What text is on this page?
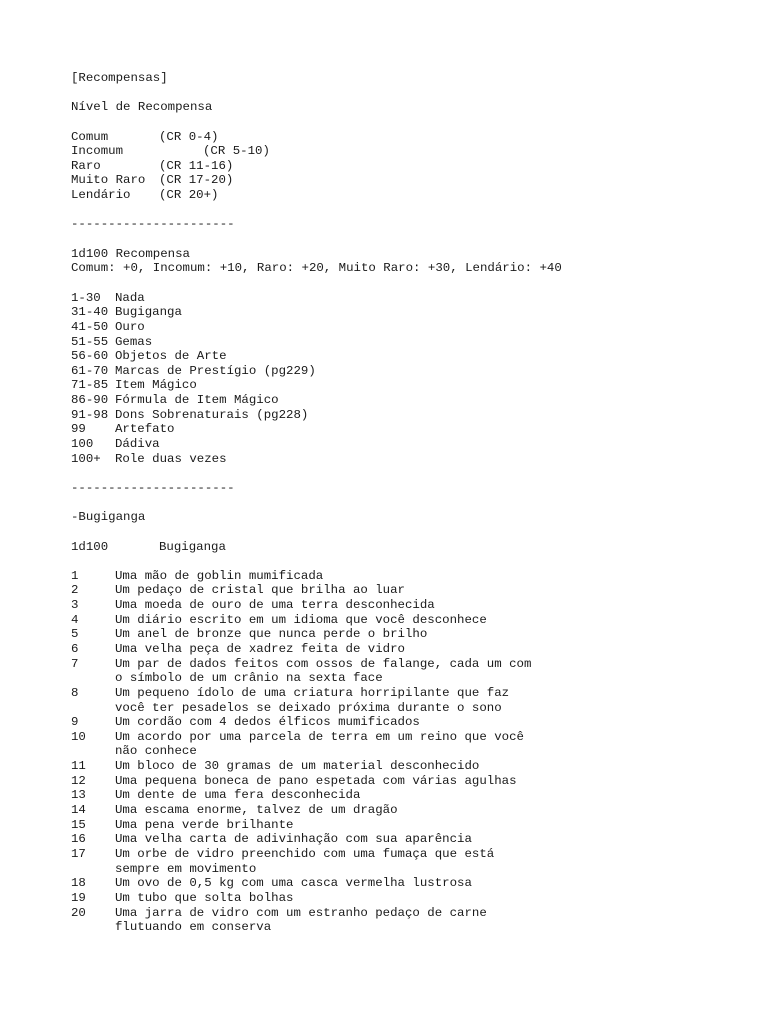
[Recompensas]
Nível de Recompensa
Comum	(CR 0-4)
Incomum	(CR 5-10)
Raro	(CR 11-16)
Muito Raro (CR 17-20)
Lendário (CR 20+)
----------------------
1d100 Recompensa
Comum: +0, Incomum: +10, Raro: +20, Muito Raro: +30, Lendário: +40
1-30 Nada
31-40 Bugiganga
41-50 Ouro
51-55 Gemas
56-60 Objetos de Arte
61-70 Marcas de Prestígio (pg229)
71-85 Item Mágico
86-90 Fórmula de Item Mágico
91-98 Dons Sobrenaturais (pg228)
99 Artefato
100 Dádiva
100+ Role duas vezes
----------------------
-Bugiganga
1d100	Bugiganga
1	Uma mão de goblin mumificada
2	Um pedaço de cristal que brilha ao luar
3	Uma moeda de ouro de uma terra desconhecida
4	Um diário escrito em um idioma que você desconhece
5	Um anel de bronze que nunca perde o brilho
6	Uma velha peça de xadrez feita de vidro
7	Um par de dados feitos com ossos de falange, cada um com
o símbolo de um crânio na sexta face
8	Um pequeno ídolo de uma criatura horripilante que faz
você ter pesadelos se deixado próxima durante o sono
9	Um cordão com 4 dedos élficos mumificados
10 Um acordo por uma parcela de terra em um reino que você
não conhece
11 Um bloco de 30 gramas de um material desconhecido
12 Uma pequena boneca de pano espetada com várias agulhas
13 Um dente de uma fera desconhecida
14 Uma escama enorme, talvez de um dragão
15 Uma pena verde brilhante
16 Uma velha carta de adivinhação com sua aparência
17 Um orbe de vidro preenchido com uma fumaça que está
sempre em movimento
18 Um ovo de 0,5 kg com uma casca vermelha lustrosa
19 Um tubo que solta bolhas
20 Uma jarra de vidro com um estranho pedaço de carne
flutuando em conserva
